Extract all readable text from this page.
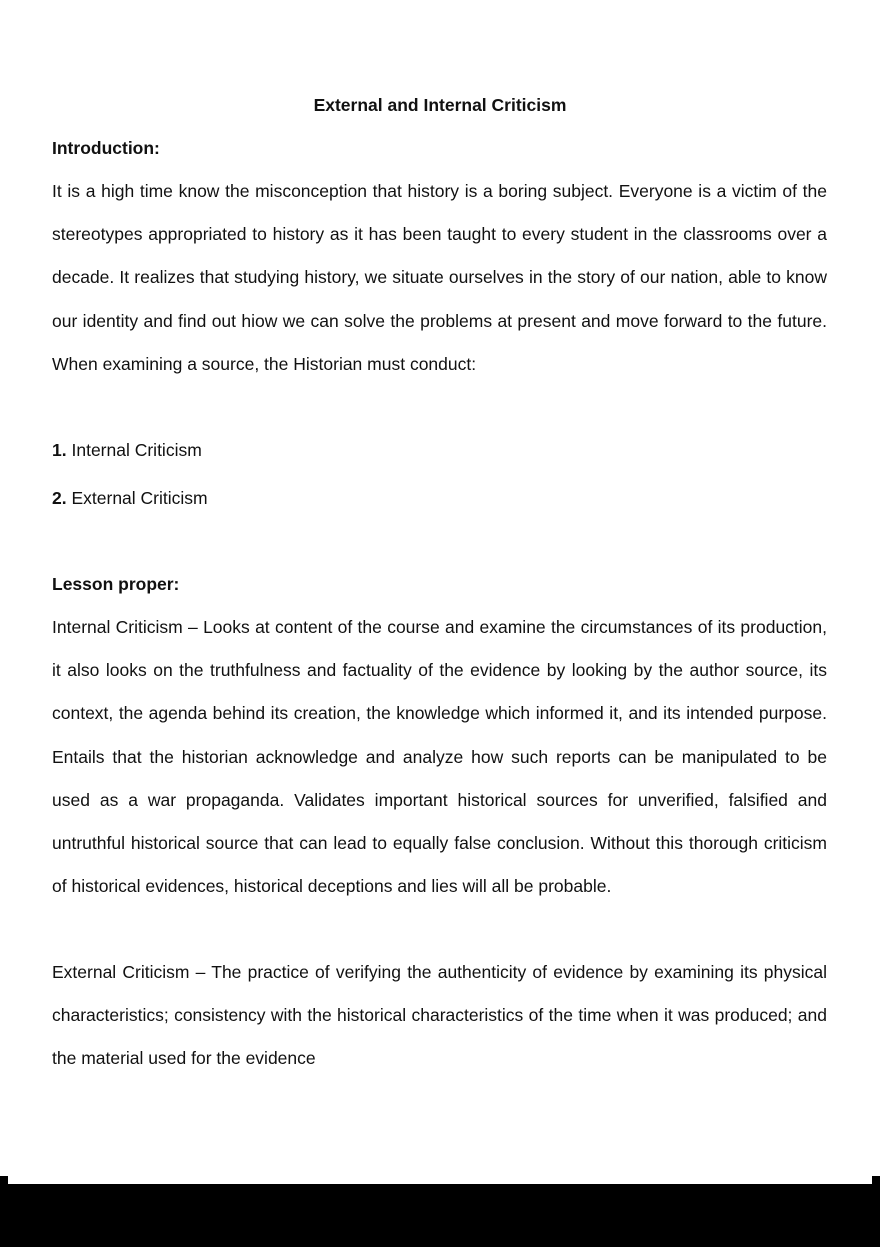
External and Internal Criticism
Introduction:
It is a high time know the misconception that history is a boring subject. Everyone is a victim of the stereotypes appropriated to history as it has been taught to every student in the classrooms over a decade. It realizes that studying history, we situate ourselves in the story of our nation, able to know our identity and find out hiow we can solve the problems at present and move forward to the future. When examining a source, the Historian must conduct:
1. Internal Criticism
2. External Criticism
Lesson proper:
Internal Criticism – Looks at content of the course and examine the circumstances of its production, it also looks on the truthfulness and factuality of the evidence by looking by the author source, its context, the agenda behind its creation, the knowledge which informed it, and its intended purpose. Entails that the historian acknowledge and analyze how such reports can be manipulated to be used as a war propaganda. Validates important historical sources for unverified, falsified and untruthful historical source that can lead to equally false conclusion. Without this thorough criticism of historical evidences, historical deceptions and lies will all be probable.
External Criticism – The practice of verifying the authenticity of evidence by examining its physical characteristics; consistency with the historical characteristics of the time when it was produced; and the material used for the evidence
